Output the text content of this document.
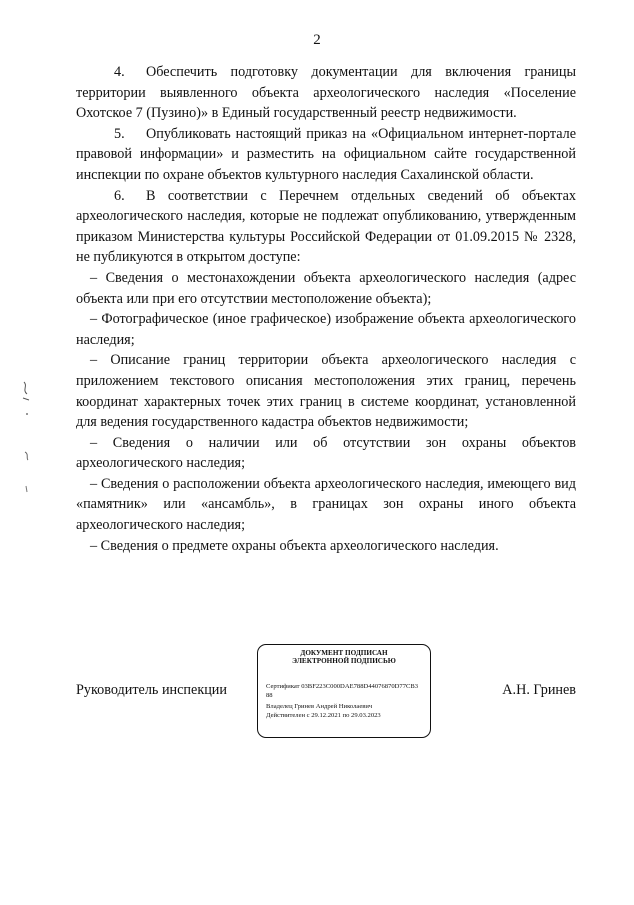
2

4. Обеспечить подготовку документации для включения границы территории выявленного объекта археологического наследия «Поселение Охотское 7 (Пузино)» в Единый государственный реестр недвижимости.

5. Опубликовать настоящий приказ на «Официальном интернет-портале правовой информации» и разместить на официальном сайте государственной инспекции по охране объектов культурного наследия Сахалинской области.

6. В соответствии с Перечнем отдельных сведений об объектах археологического наследия, которые не подлежат опубликованию, утвержденным приказом Министерства культуры Российской Федерации от 01.09.2015 № 2328, не публикуются в открытом доступе:

– Сведения о местонахождении объекта археологического наследия (адрес объекта или при его отсутствии местоположение объекта);

– Фотографическое (иное графическое) изображение объекта археологического наследия;

– Описание границ территории объекта археологического наследия с приложением текстового описания местоположения этих границ, перечень координат характерных точек этих границ в системе координат, установленной для ведения государственного кадастра объектов недвижимости;

– Сведения о наличии или об отсутствии зон охраны объектов археологического наследия;

– Сведения о расположении объекта археологического наследия, имеющего вид «памятник» или «ансамбль», в границах зон охраны иного объекта археологического наследия;

– Сведения о предмете охраны объекта археологического наследия.

Руководитель инспекции
ДОКУМЕНТ ПОДПИСАН
ЭЛЕКТРОННОЙ ПОДПИСЬЮ
Сертификат 03BF223C000DAE788D44076870D77CB3
88
Владелец Гринев Андрей Николаевич
Действителен с 29.12.2021 по 29.03.2023
А.Н. Гринев
